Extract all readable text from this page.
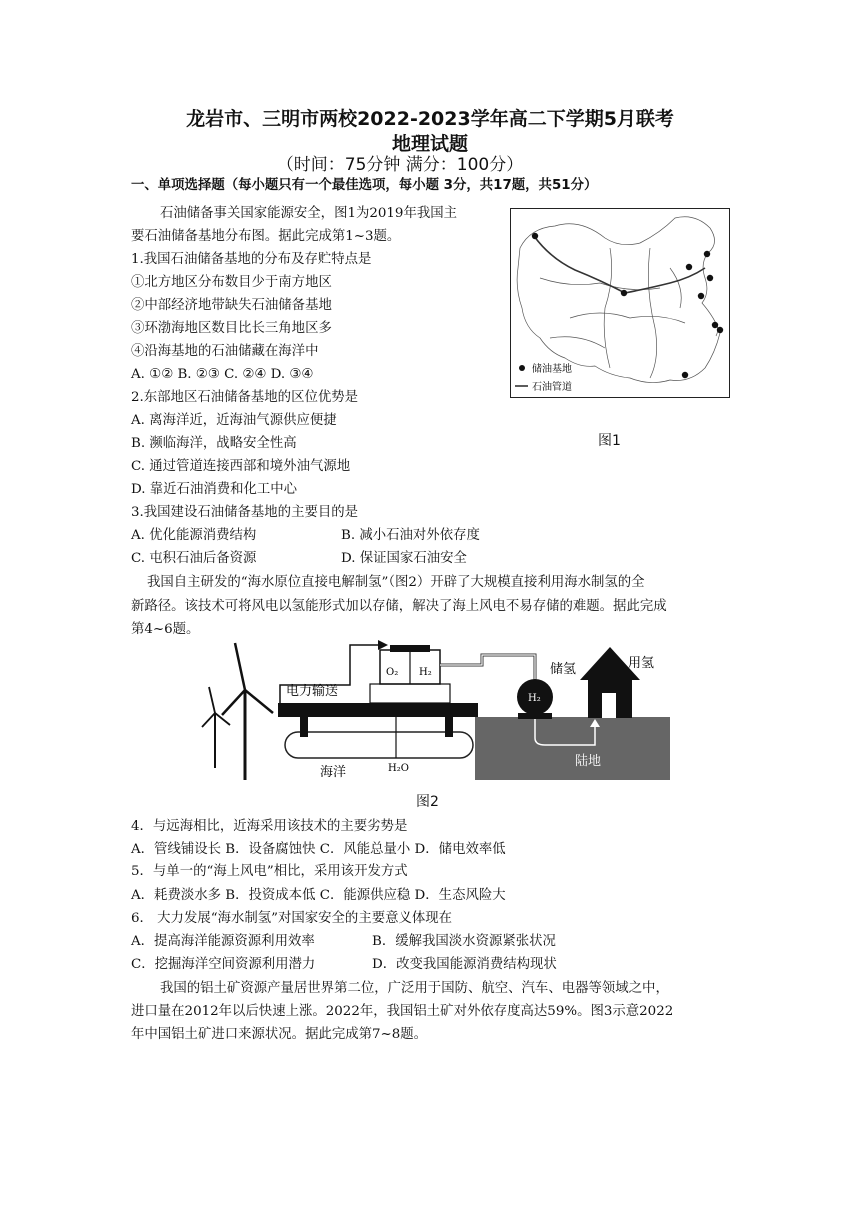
龙岩市、三明市两校2022-2023学年高二下学期5月联考
地理试题
（时间：75分钟 满分：100分）
一、单项选择题（每小题只有一个最佳选项，每小题 3分，共17题，共51分）
石油储备事关国家能源安全，图1为2019年我国主
要石油储备基地分布图。据此完成第1~3题。
1.我国石油储备基地的分布及存贮特点是
①北方地区分布数目少于南方地区
②中部经济地带缺失石油储备基地
③环渤海地区数目比长三角地区多
④沿海基地的石油储藏在海洋中
A. ①② B. ②③ C. ②④ D. ③④
2.东部地区石油储备基地的区位优势是
A. 离海洋近，近海油气源供应便捷
B. 濒临海洋，战略安全性高
C. 通过管道连接西部和境外油气源地
D. 靠近石油消费和化工中心
3.我国建设石油储备基地的主要目的是
A. 优化能源消费结构	B. 减小石油对外依存度
C. 屯积石油后备资源	D. 保证国家石油安全
储油基地
石油管道
图1
我国自主研发的“海水原位直接电解制氢”（图2）开辟了大规模直接利用海水制氢的全
新路径。该技术可将风电以氢能形式加以存储，解决了海上风电不易存储的难题。据此完成
第4~6题。
电力输送
O₂ H₂
H₂
储氢	用氢
陆地
海洋	H₂O
图2
4．与远海相比，近海采用该技术的主要劣势是
A．管线铺设长 B．设备腐蚀快 C．风能总量小 D．储电效率低
5．与单一的“海上风电”相比，采用该开发方式
A．耗费淡水多 B．投资成本低 C．能源供应稳 D．生态风险大
6． 大力发展“海水制氢”对国家安全的主要意义体现在
A．提高海洋能源资源利用效率	B．缓解我国淡水资源紧张状况
C．挖掘海洋空间资源利用潜力	D．改变我国能源消费结构现状
我国的铝土矿资源产量居世界第二位，广泛用于国防、航空、汽车、电器等领域之中，
进口量在2012年以后快速上涨。2022年，我国铝土矿对外依存度高达59%。图3示意2022
年中国铝土矿进口来源状况。据此完成第7~8题。
